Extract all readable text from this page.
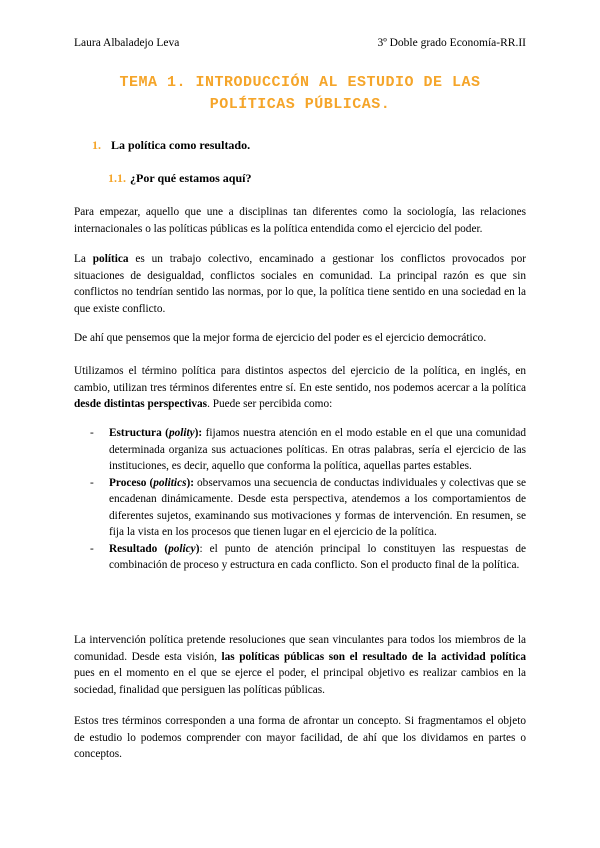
Laura Albaladejo Leva	3º Doble grado Economía-RR.II
TEMA 1. INTRODUCCIÓN AL ESTUDIO DE LAS
POLÍTICAS PÚBLICAS.
1. La política como resultado.
1.1. ¿Por qué estamos aquí?

Para empezar, aquello que une a disciplinas tan diferentes como la sociología, las relaciones internacionales o las políticas públicas es la política entendida como el ejercicio del poder.

La política es un trabajo colectivo, encaminado a gestionar los conflictos provocados por situaciones de desigualdad, conflictos sociales en comunidad. La principal razón es que sin conflictos no tendrían sentido las normas, por lo que, la política tiene sentido en una sociedad en la que existe conflicto.

De ahí que pensemos que la mejor forma de ejercicio del poder es el ejercicio democrático.

Utilizamos el término política para distintos aspectos del ejercicio de la política, en inglés, en cambio, utilizan tres términos diferentes entre sí. En este sentido, nos podemos acercar a la política desde distintas perspectivas. Puede ser percibida como:

- Estructura (polity): fijamos nuestra atención en el modo estable en el que una comunidad determinada organiza sus actuaciones políticas. En otras palabras, sería el ejercicio de las instituciones, es decir, aquello que conforma la política, aquellas partes estables.
- Proceso (politics): observamos una secuencia de conductas individuales y colectivas que se encadenan dinámicamente. Desde esta perspectiva, atendemos a los comportamientos de diferentes sujetos, examinando sus motivaciones y formas de intervención. En resumen, se fija la vista en los procesos que tienen lugar en el ejercicio de la política.
- Resultado (policy): el punto de atención principal lo constituyen las respuestas de combinación de proceso y estructura en cada conflicto. Son el producto final de la política.

La intervención política pretende resoluciones que sean vinculantes para todos los miembros de la comunidad. Desde esta visión, las políticas públicas son el resultado de la actividad política pues en el momento en el que se ejerce el poder, el principal objetivo es realizar cambios en la sociedad, finalidad que persiguen las políticas públicas.

Estos tres términos corresponden a una forma de afrontar un concepto. Si fragmentamos el objeto de estudio lo podemos comprender con mayor facilidad, de ahí que los dividamos en partes o conceptos.
